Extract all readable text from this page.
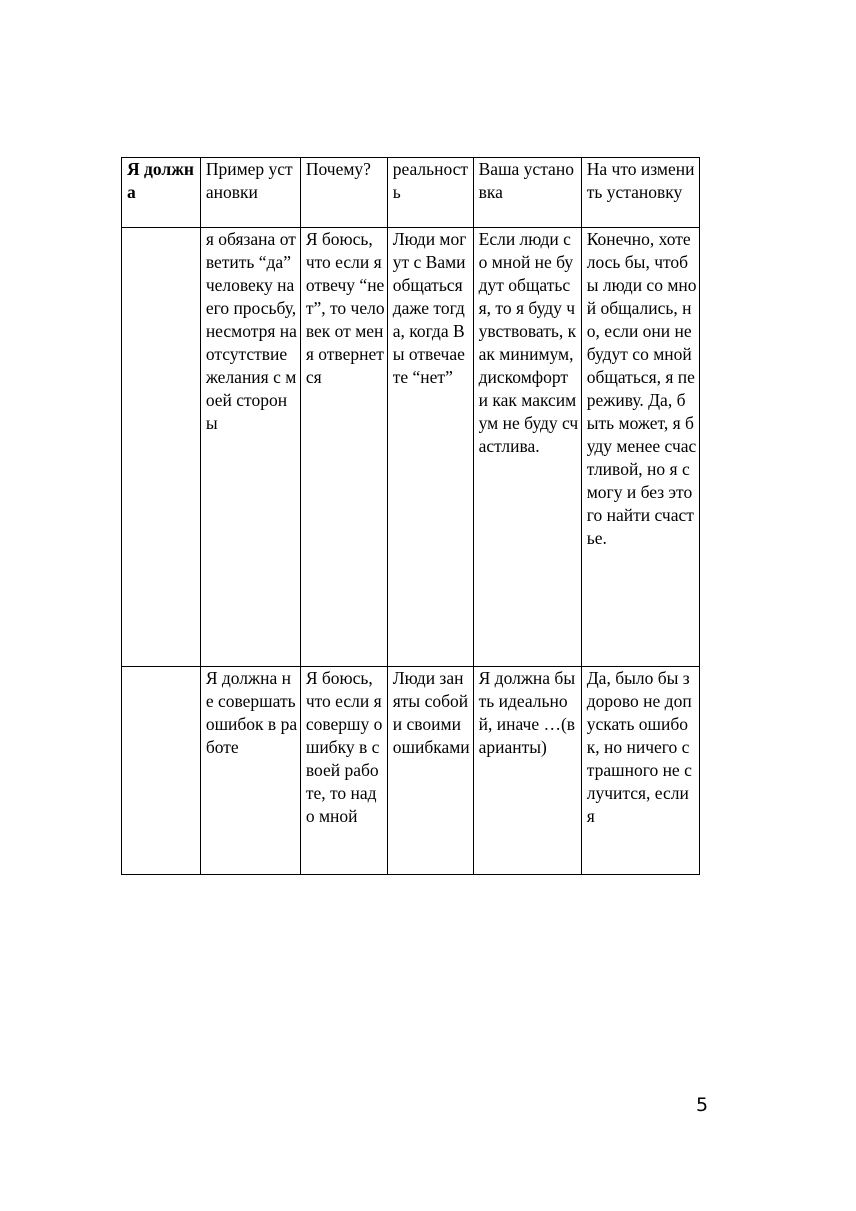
Я должна	Пример установки	Почему?	реальность	Ваша установка	На что изменить установку
	я обязана ответить “да” человеку на его просьбу, несмотря на отсутствие желания с моей стороны	Я боюсь, что если я отвечу “нет”, то человек от меня отвернется	Люди могут с Вами общаться даже тогда, когда Вы отвечаете “нет”	Если люди со мной не будут общаться, то я буду чувствовать, как минимум, дискомфорт и как максимум не буду счастлива.	Конечно, хотелось бы, чтобы люди со мной общались, но, если они не будут со мной общаться, я переживу. Да, быть может, я буду менее счастливой, но я смогу и без этого найти счастье.
	Я должна не совершать ошибок в работе	Я боюсь, что если я совершу ошибку в своей работе, то надо мной	Люди заняты собой и своими ошибками	Я должна быть идеальной, иначе …(варианты)	Да, было бы здорово не допускать ошибок, но ничего страшного не случится, если я
5
